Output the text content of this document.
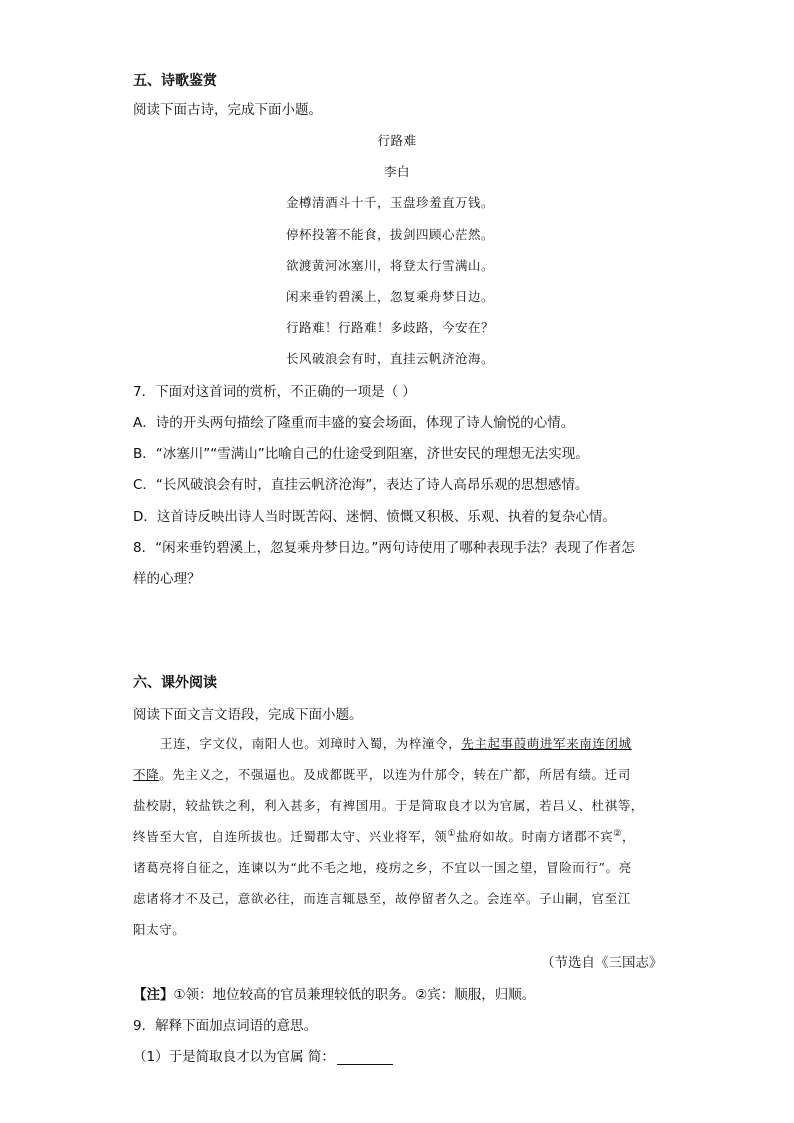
五、诗歌鉴赏
阅读下面古诗，完成下面小题。
行路难
李白
金樽清酒斗十千，玉盘珍羞直万钱。
停杯投箸不能食，拔剑四顾心茫然。
欲渡黄河冰塞川，将登太行雪满山。
闲来垂钓碧溪上，忽复乘舟梦日边。
行路难！行路难！多歧路，今安在？
长风破浪会有时，直挂云帆济沧海。
7．下面对这首词的赏析，不正确的一项是（ ）
A．诗的开头两句描绘了隆重而丰盛的宴会场面，体现了诗人愉悦的心情。
B．“冰塞川”“雪满山”比喻自己的仕途受到阻塞，济世安民的理想无法实现。
C．“长风破浪会有时，直挂云帆济沧海”，表达了诗人高昂乐观的思想感情。
D．这首诗反映出诗人当时既苦闷、迷惘、愤慨又积极、乐观、执着的复杂心情。
8．“闲来垂钓碧溪上，忽复乘舟梦日边。”两句诗使用了哪种表现手法？表现了作者怎
样的心理？
六、课外阅读
阅读下面文言文语段，完成下面小题。
王连，字文仪，南阳人也。刘璋时入蜀，为梓潼令，先主起事葭萌进军来南连闭城
不降。先主义之，不强逼也。及成都既平，以连为什邡令，转在广都，所居有绩。迁司
盐校尉，较盐铁之利，利入甚多，有裨国用。于是简取良才以为官属，若吕乂、杜祺等，
终皆至大官，自连所拔也。迁蜀郡太守、兴业将军，领①盐府如故。时南方诸郡不宾②，
诸葛亮将自征之，连谏以为“此不毛之地，疫疠之乡，不宜以一国之望，冒险而行”。亮
虑诸将才不及己，意欲必往，而连言辄恳至，故停留者久之。会连卒。子山嗣，官至江
阳太守。
（节选自《三国志》
【注】①领：地位较高的官员兼理较低的职务。②宾：顺服，归顺。
9．解释下面加点词语的意思。
（1）于是简取良才以为官属 简：
